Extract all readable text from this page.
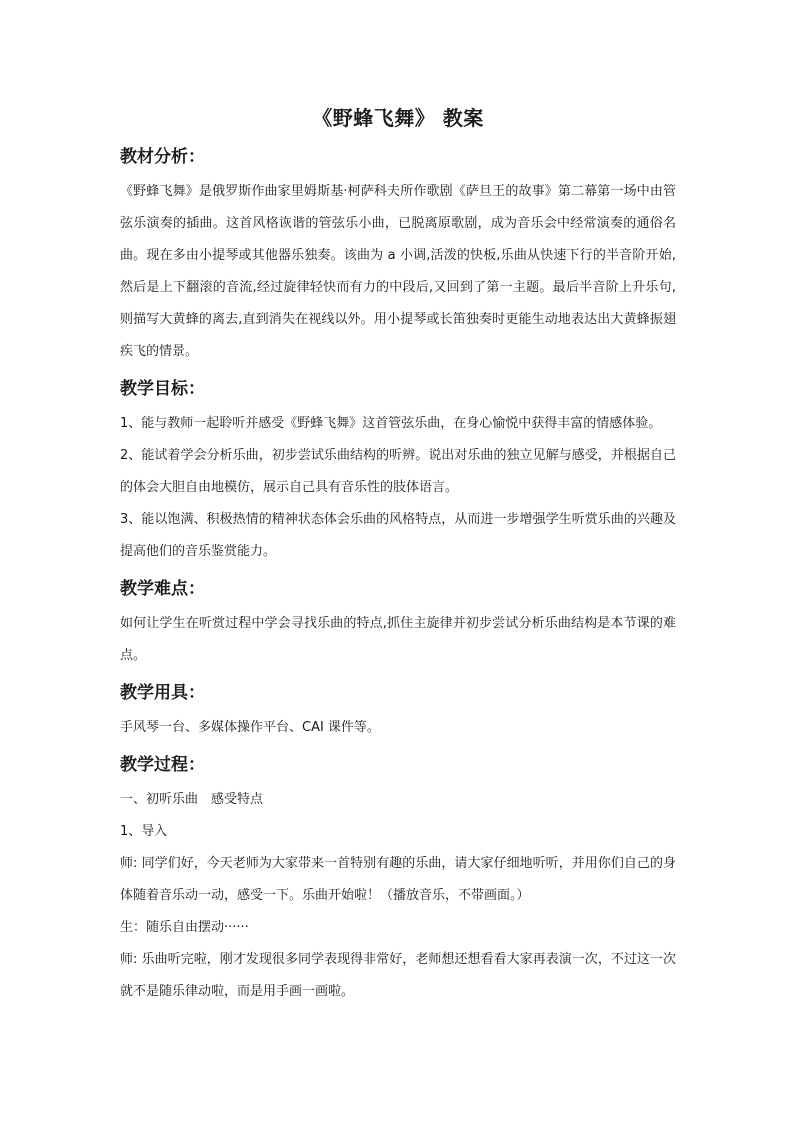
《野蜂飞舞》 教案
教材分析：

《野蜂飞舞》是俄罗斯作曲家里姆斯基·柯萨科夫所作歌剧《萨旦王的故事》第二幕第一场中由管弦乐演奏的插曲。这首风格诙谐的管弦乐小曲，已脱离原歌剧，成为音乐会中经常演奏的通俗名曲。现在多由小提琴或其他器乐独奏。该曲为 a 小调,活泼的快板,乐曲从快速下行的半音阶开始,然后是上下翻滚的音流,经过旋律轻快而有力的中段后,又回到了第一主题。最后半音阶上升乐句,则描写大黄蜂的离去,直到消失在视线以外。用小提琴或长笛独奏时更能生动地表达出大黄蜂振翅疾飞的情景。

教学目标：

1、能与教师一起聆听并感受《野蜂飞舞》这首管弦乐曲，在身心愉悦中获得丰富的情感体验。

2、能试着学会分析乐曲，初步尝试乐曲结构的听辨。说出对乐曲的独立见解与感受，并根据自己的体会大胆自由地模仿，展示自己具有音乐性的肢体语言。

3、能以饱满、积极热情的精神状态体会乐曲的风格特点，从而进一步增强学生听赏乐曲的兴趣及提高他们的音乐鉴赏能力。

教学难点：

如何让学生在听赏过程中学会寻找乐曲的特点,抓住主旋律并初步尝试分析乐曲结构是本节课的难点。

教学用具：

手风琴一台、多媒体操作平台、CAI 课件等。

教学过程：

一、初听乐曲　感受特点

1、导入

师: 同学们好，今天老师为大家带来一首特别有趣的乐曲，请大家仔细地听听，并用你们自己的身体随着音乐动一动，感受一下。乐曲开始啦！（播放音乐，不带画面。）

生：随乐自由摆动······

师: 乐曲听完啦，刚才发现很多同学表现得非常好，老师想还想看看大家再表演一次，不过这一次就不是随乐律动啦，而是用手画一画啦。
